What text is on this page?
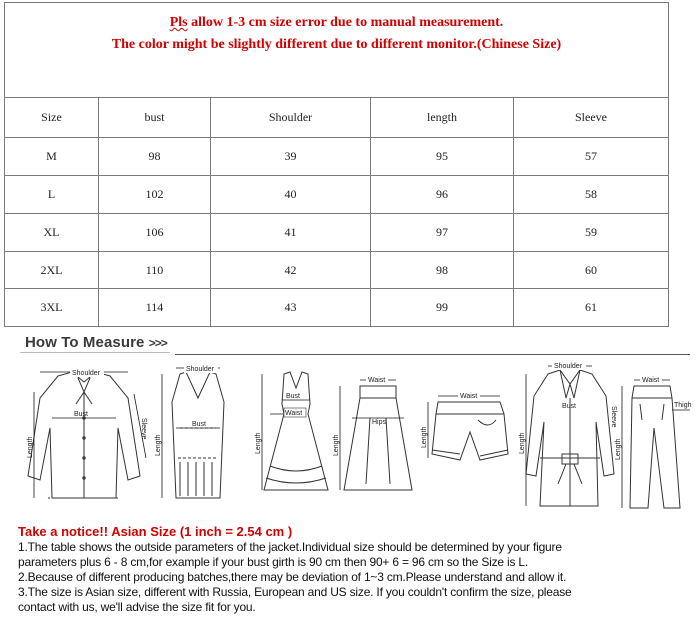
Pls allow 1-3 cm size error due to manual measurement.
The color might be slightly different due to different monitor.(Chinese Size)				

Size	bust	Shoulder	length	Sleeve
M	98	39	95	57
L	102	40	96	58
XL	106	41	97	59
2XL	110	42	98	60
3XL	114	43	99	61
How To Measure >>>
Shoulder
Bust
Length
Sleeve
Shoulder
Bust
Length
Bust
Waist
Length
Waist
Hips
Length
Waist
Length
Shoulder
Bust
Length
Sleeve
Waist
Thigh
Length
Take a notice!! Asian Size (1 inch = 2.54 cm )
1.The table shows the outside parameters of the jacket.Individual size should be determined by your figure
parameters plus 6 - 8 cm,for example if your bust girth is 90 cm then 90+ 6 = 96 cm so the Size is L.
2.Because of different producing batches,there may be deviation of 1~3 cm.Please understand and allow it.
3.The size is Asian size, different with Russia, European and US size. If you couldn't confirm the size, please
contact with us, we'll advise the size fit for you.
